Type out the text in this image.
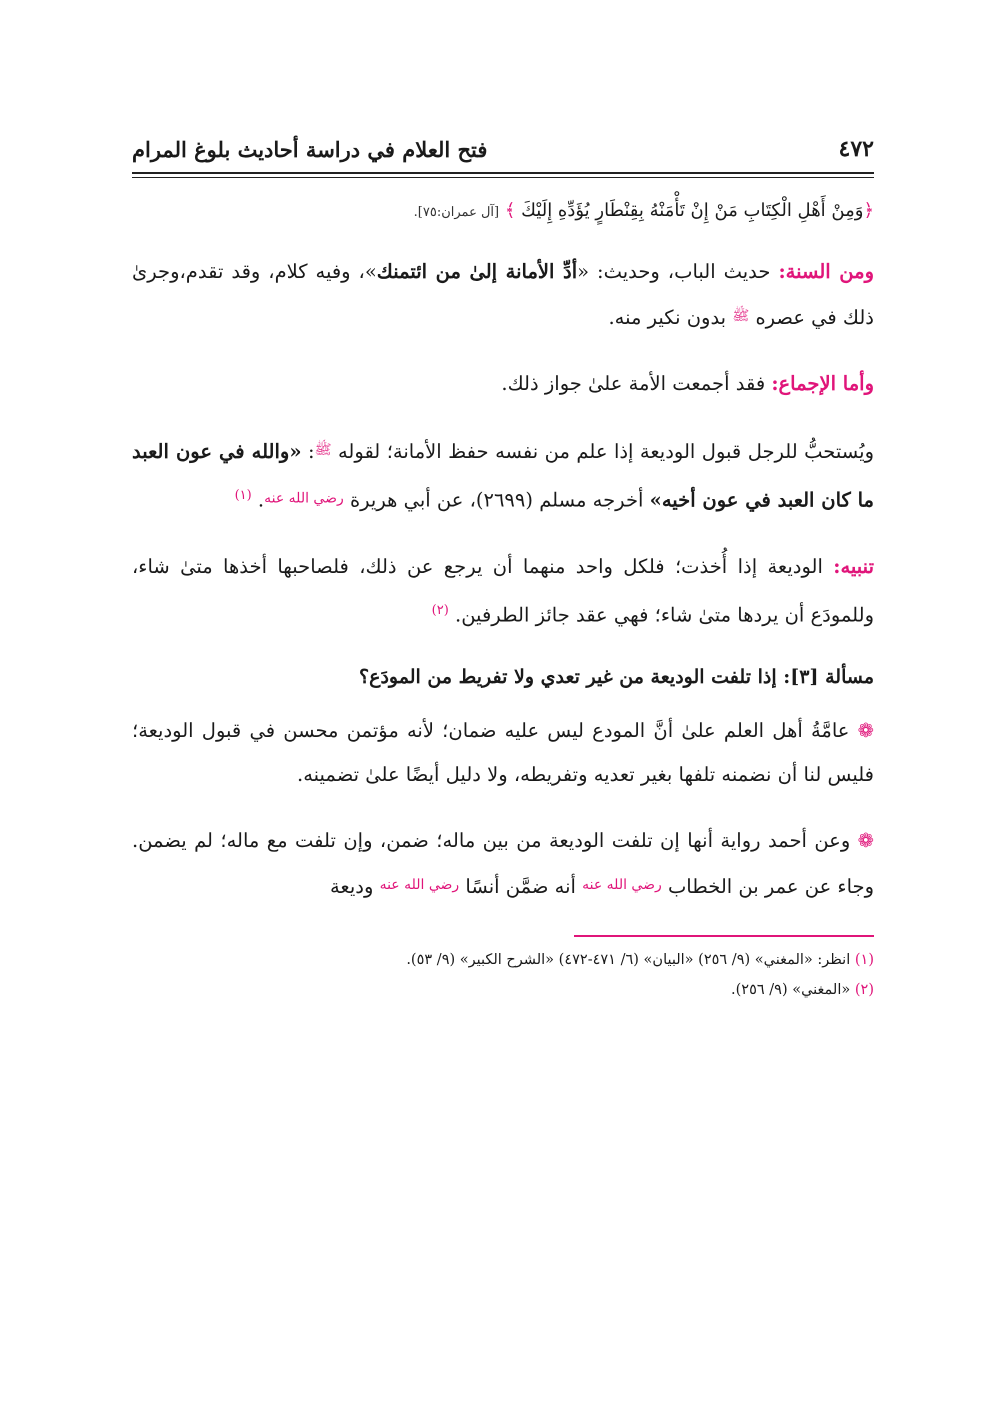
٤٧٢
فتح العلام في دراسة أحاديث بلوغ المرام
﴿وَمِنْ أَهْلِ الْكِتَابِ مَنْ إِنْ تَأْمَنْهُ بِقِنْطَارٍ يُؤَدِّهِ إِلَيْكَ ﴾ [آل عمران:٧٥].

ومن السنة: حديث الباب، وحديث: «أدِّ الأمانة إلىٰ من ائتمنك»، وفيه كلام، وقد تقدم،وجرىٰ ذلك في عصره $^ﷺ$ بدون نكير منه.

وأما الإجماع: فقد أجمعت الأمة علىٰ جواز ذلك.

ويُستحبُّ للرجل قبول الوديعة إذا علم من نفسه حفظ الأمانة؛ لقوله $^ﷺ$: «والله في عون العبد ما كان العبد في عون أخيه» أخرجه مسلم (٢٦٩٩)، عن أبي هريرة $^{رضي الله عنه}$. $^{(١)}$

تنبيه: الوديعة إذا أُخذت؛ فلكل واحد منهما أن يرجع عن ذلك، فلصاحبها أخذها متىٰ شاء، وللمودَع أن يردها متىٰ شاء؛ فهي عقد جائز الطرفين. $^{(٢)}$

مسألة [٣]: إذا تلفت الوديعة من غير تعدي ولا تفريط من المودَع؟

❁ عامَّةُ أهل العلم علىٰ أنَّ المودع ليس عليه ضمان؛ لأنه مؤتمن محسن في قبول الوديعة؛ فليس لنا أن نضمنه تلفها بغير تعديه وتفريطه، ولا دليل أيضًا علىٰ تضمينه.

❁ وعن أحمد رواية أنها إن تلفت الوديعة من بين ماله؛ ضمن، وإن تلفت مع ماله؛ لم يضمن. وجاء عن عمر بن الخطاب $^{رضي الله عنه}$ أنه ضمَّن أنسًا $^{رضي الله عنه}$ وديعة

(١) انظر: «المغني» (٩/ ٢٥٦) «البيان» (٦/ ٤٧١-٤٧٢) «الشرح الكبير» (٩/ ٥٣).
(٢) «المغني» (٩/ ٢٥٦).
